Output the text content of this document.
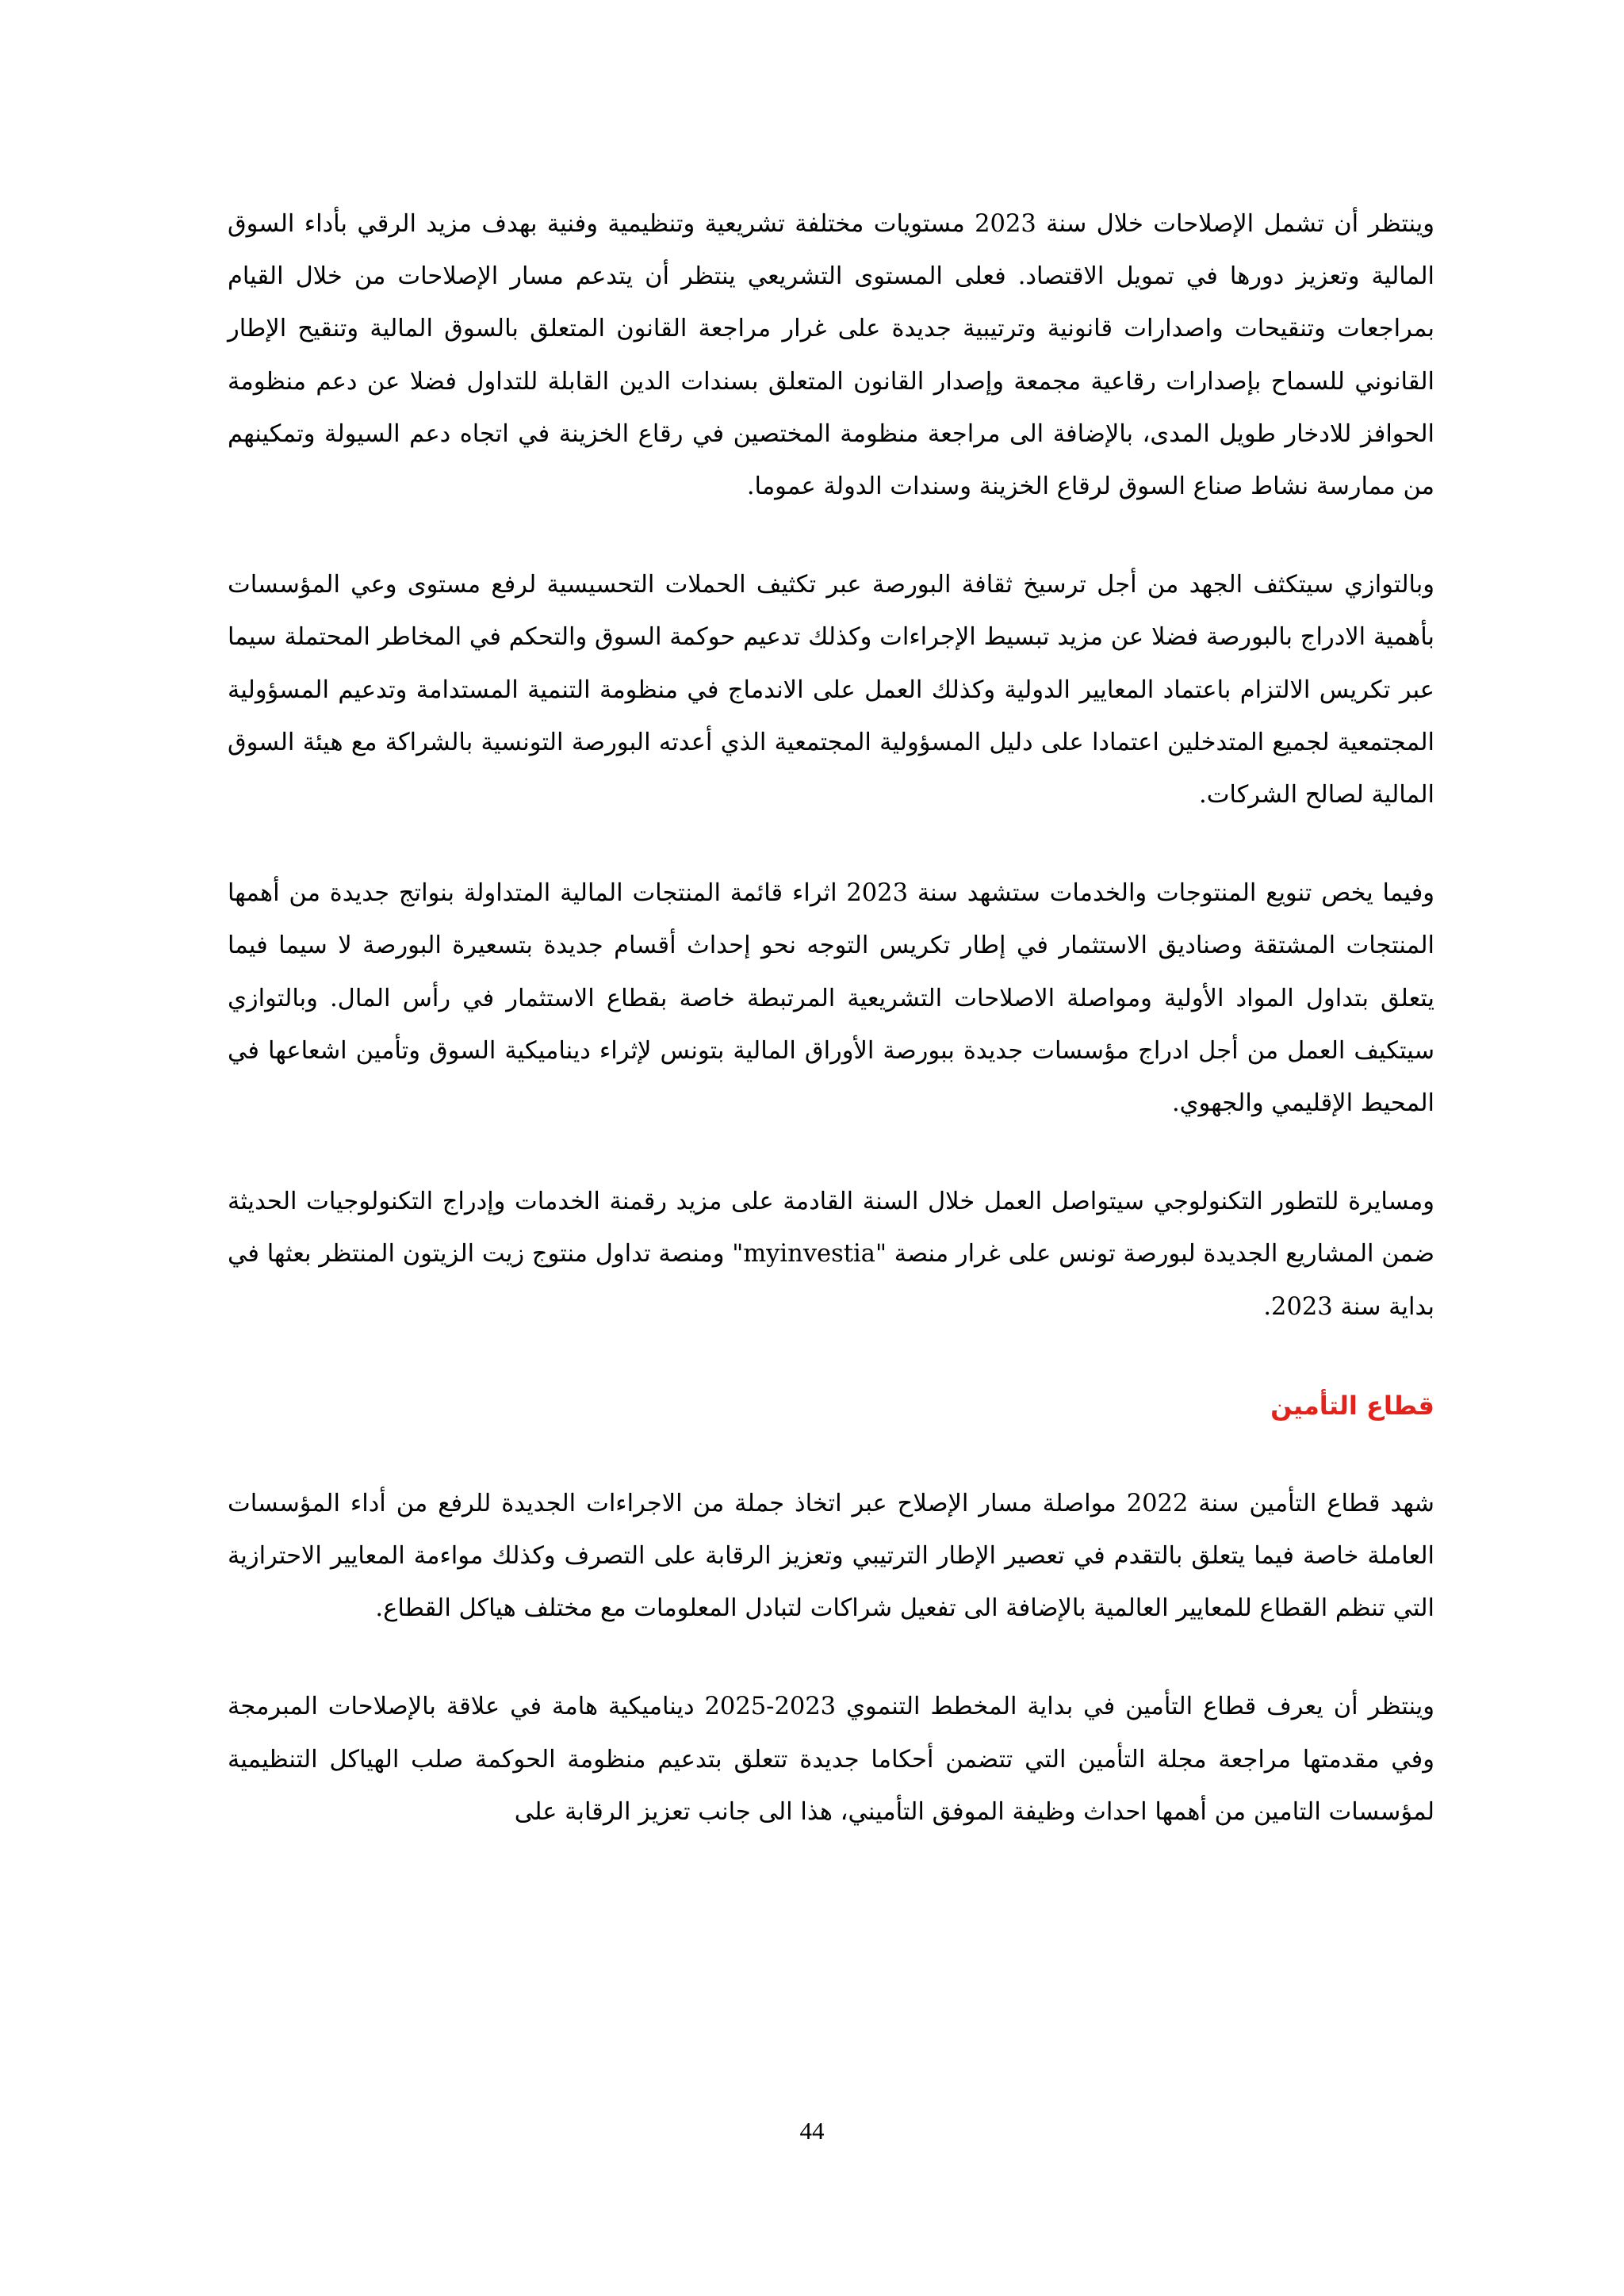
وينتظر أن تشمل الإصلاحات خلال سنة 2023 مستويات مختلفة تشريعية وتنظيمية وفنية بهدف مزيد الرقي بأداء السوق المالية وتعزيز دورها في تمويل الاقتصاد. فعلى المستوى التشريعي ينتظر أن يتدعم مسار الإصلاحات من خلال القيام بمراجعات وتنقيحات واصدارات قانونية وترتيبية جديدة على غرار مراجعة القانون المتعلق بالسوق المالية وتنقيح الإطار القانوني للسماح بإصدارات رقاعية مجمعة وإصدار القانون المتعلق بسندات الدين القابلة للتداول فضلا عن دعم منظومة الحوافز للادخار طويل المدى، بالإضافة الى مراجعة منظومة المختصين في رقاع الخزينة في اتجاه دعم السيولة وتمكينهم من ممارسة نشاط صناع السوق لرقاع الخزينة وسندات الدولة عموما.

وبالتوازي سيتكثف الجهد من أجل ترسيخ ثقافة البورصة عبر تكثيف الحملات التحسيسية لرفع مستوى وعي المؤسسات بأهمية الادراج بالبورصة فضلا عن مزيد تبسيط الإجراءات وكذلك تدعيم حوكمة السوق والتحكم في المخاطر المحتملة سيما عبر تكريس الالتزام باعتماد المعايير الدولية وكذلك العمل على الاندماج في منظومة التنمية المستدامة وتدعيم المسؤولية المجتمعية لجميع المتدخلين اعتمادا على دليل المسؤولية المجتمعية الذي أعدته البورصة التونسية بالشراكة مع هيئة السوق المالية لصالح الشركات.

وفيما يخص تنويع المنتوجات والخدمات ستشهد سنة 2023 اثراء قائمة المنتجات المالية المتداولة بنواتج جديدة من أهمها المنتجات المشتقة وصناديق الاستثمار في إطار تكريس التوجه نحو إحداث أقسام جديدة بتسعيرة البورصة لا سيما فيما يتعلق بتداول المواد الأولية ومواصلة الاصلاحات التشريعية المرتبطة خاصة بقطاع الاستثمار في رأس المال. وبالتوازي سيتكيف العمل من أجل ادراج مؤسسات جديدة ببورصة الأوراق المالية بتونس لإثراء ديناميكية السوق وتأمين اشعاعها في المحيط الإقليمي والجهوي.

ومسايرة للتطور التكنولوجي سيتواصل العمل خلال السنة القادمة على مزيد رقمنة الخدمات وإدراج التكنولوجيات الحديثة ضمن المشاريع الجديدة لبورصة تونس على غرار منصة "myinvestia" ومنصة تداول منتوج زيت الزيتون المنتظر بعثها في بداية سنة 2023.

قطاع التأمين

شهد قطاع التأمين سنة 2022 مواصلة مسار الإصلاح عبر اتخاذ جملة من الاجراءات الجديدة للرفع من أداء المؤسسات العاملة خاصة فيما يتعلق بالتقدم في تعصير الإطار الترتيبي وتعزيز الرقابة على التصرف وكذلك مواءمة المعايير الاحترازية التي تنظم القطاع للمعايير العالمية بالإضافة الى تفعيل شراكات لتبادل المعلومات مع مختلف هياكل القطاع.

وينتظر أن يعرف قطاع التأمين في بداية المخطط التنموي 2023-2025 ديناميكية هامة في علاقة بالإصلاحات المبرمجة وفي مقدمتها مراجعة مجلة التأمين التي تتضمن أحكاما جديدة تتعلق بتدعيم منظومة الحوكمة صلب الهياكل التنظيمية لمؤسسات التامين من أهمها احداث وظيفة الموفق التأميني، هذا الى جانب تعزيز الرقابة على

44
